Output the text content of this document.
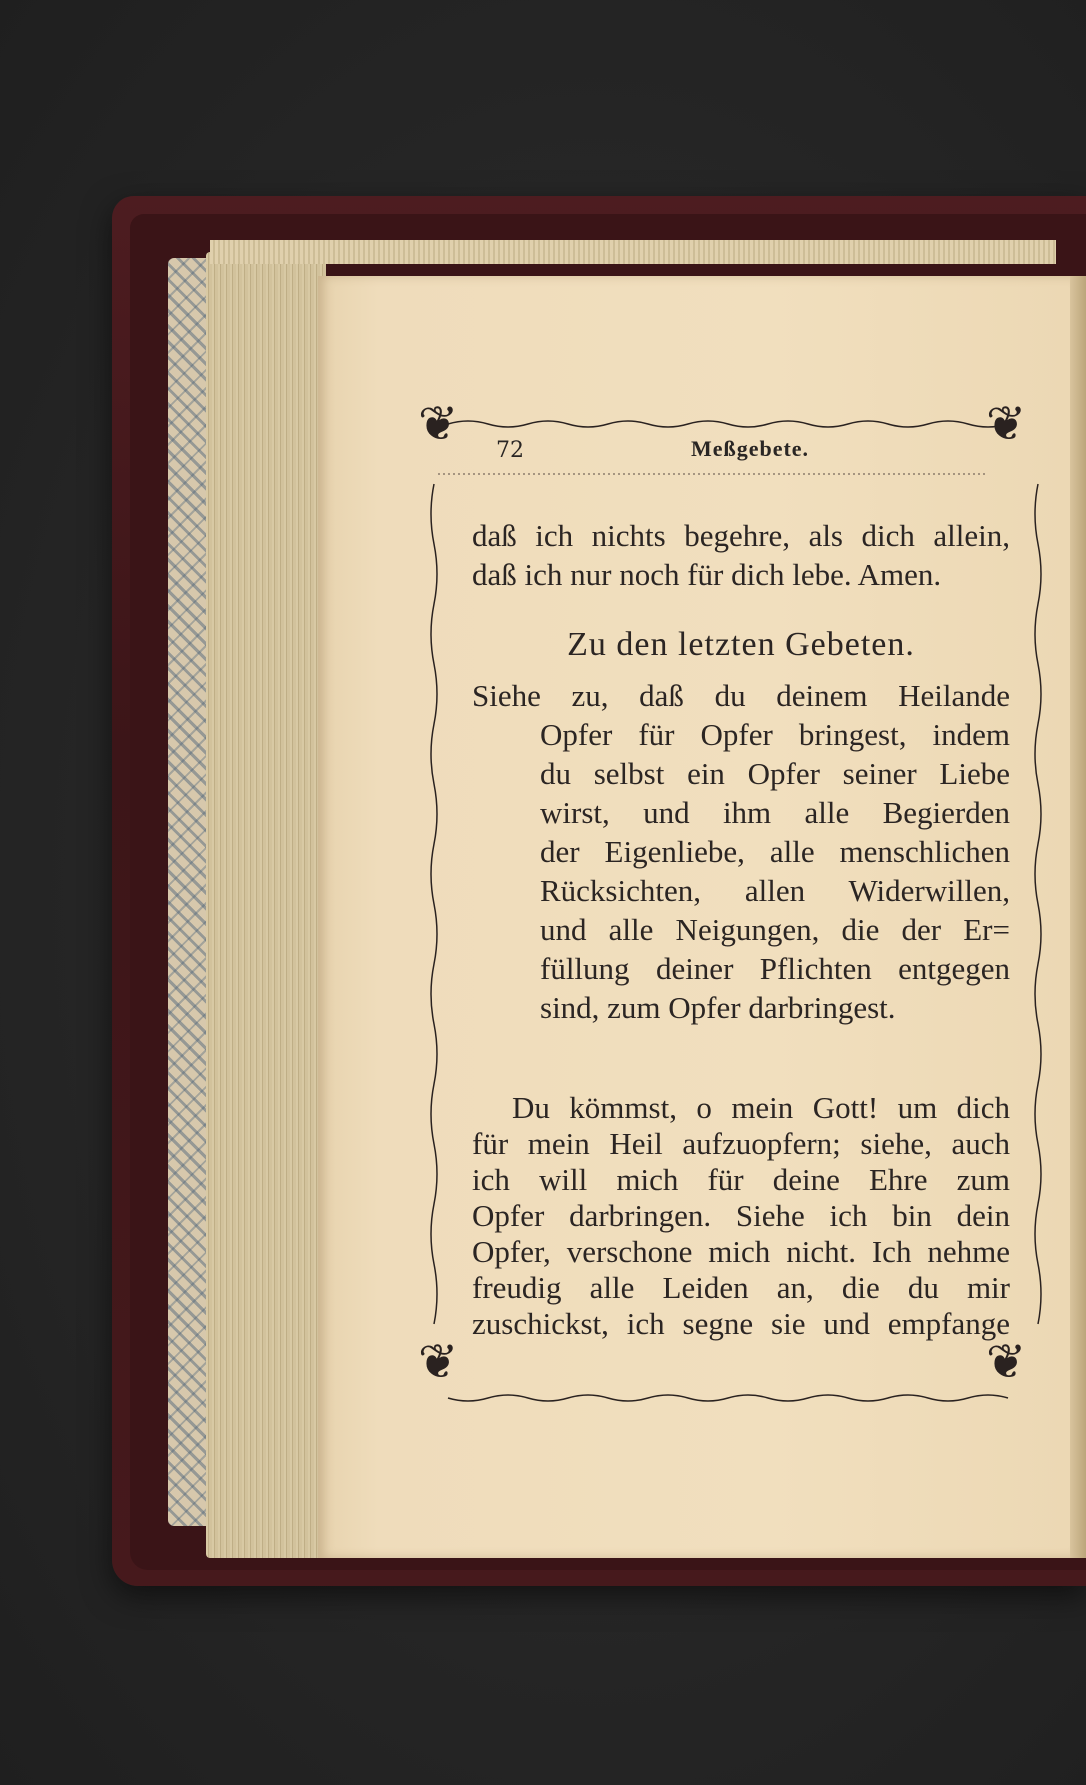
❦	❦
❦	❦
72	Meßgebete.
daß ich nichts begehre, als dich allein,
daß ich nur noch für dich lebe. Amen.
Zu den letzten Gebeten.
Siehe zu, daß du deinem Heilande
Opfer für Opfer bringest, indem
du selbst ein Opfer seiner Liebe
wirst, und ihm alle Begierden
der Eigenliebe, alle menschlichen
Rücksichten, allen Widerwillen,
und alle Neigungen, die der Er=
füllung deiner Pflichten entgegen
sind, zum Opfer darbringest.
Du kömmst, o mein Gott! um dich
für mein Heil aufzuopfern; siehe, auch
ich will mich für deine Ehre zum
Opfer darbringen. Siehe ich bin dein
Opfer, verschone mich nicht. Ich nehme
freudig alle Leiden an, die du mir
zuschickst, ich segne sie und empfange
